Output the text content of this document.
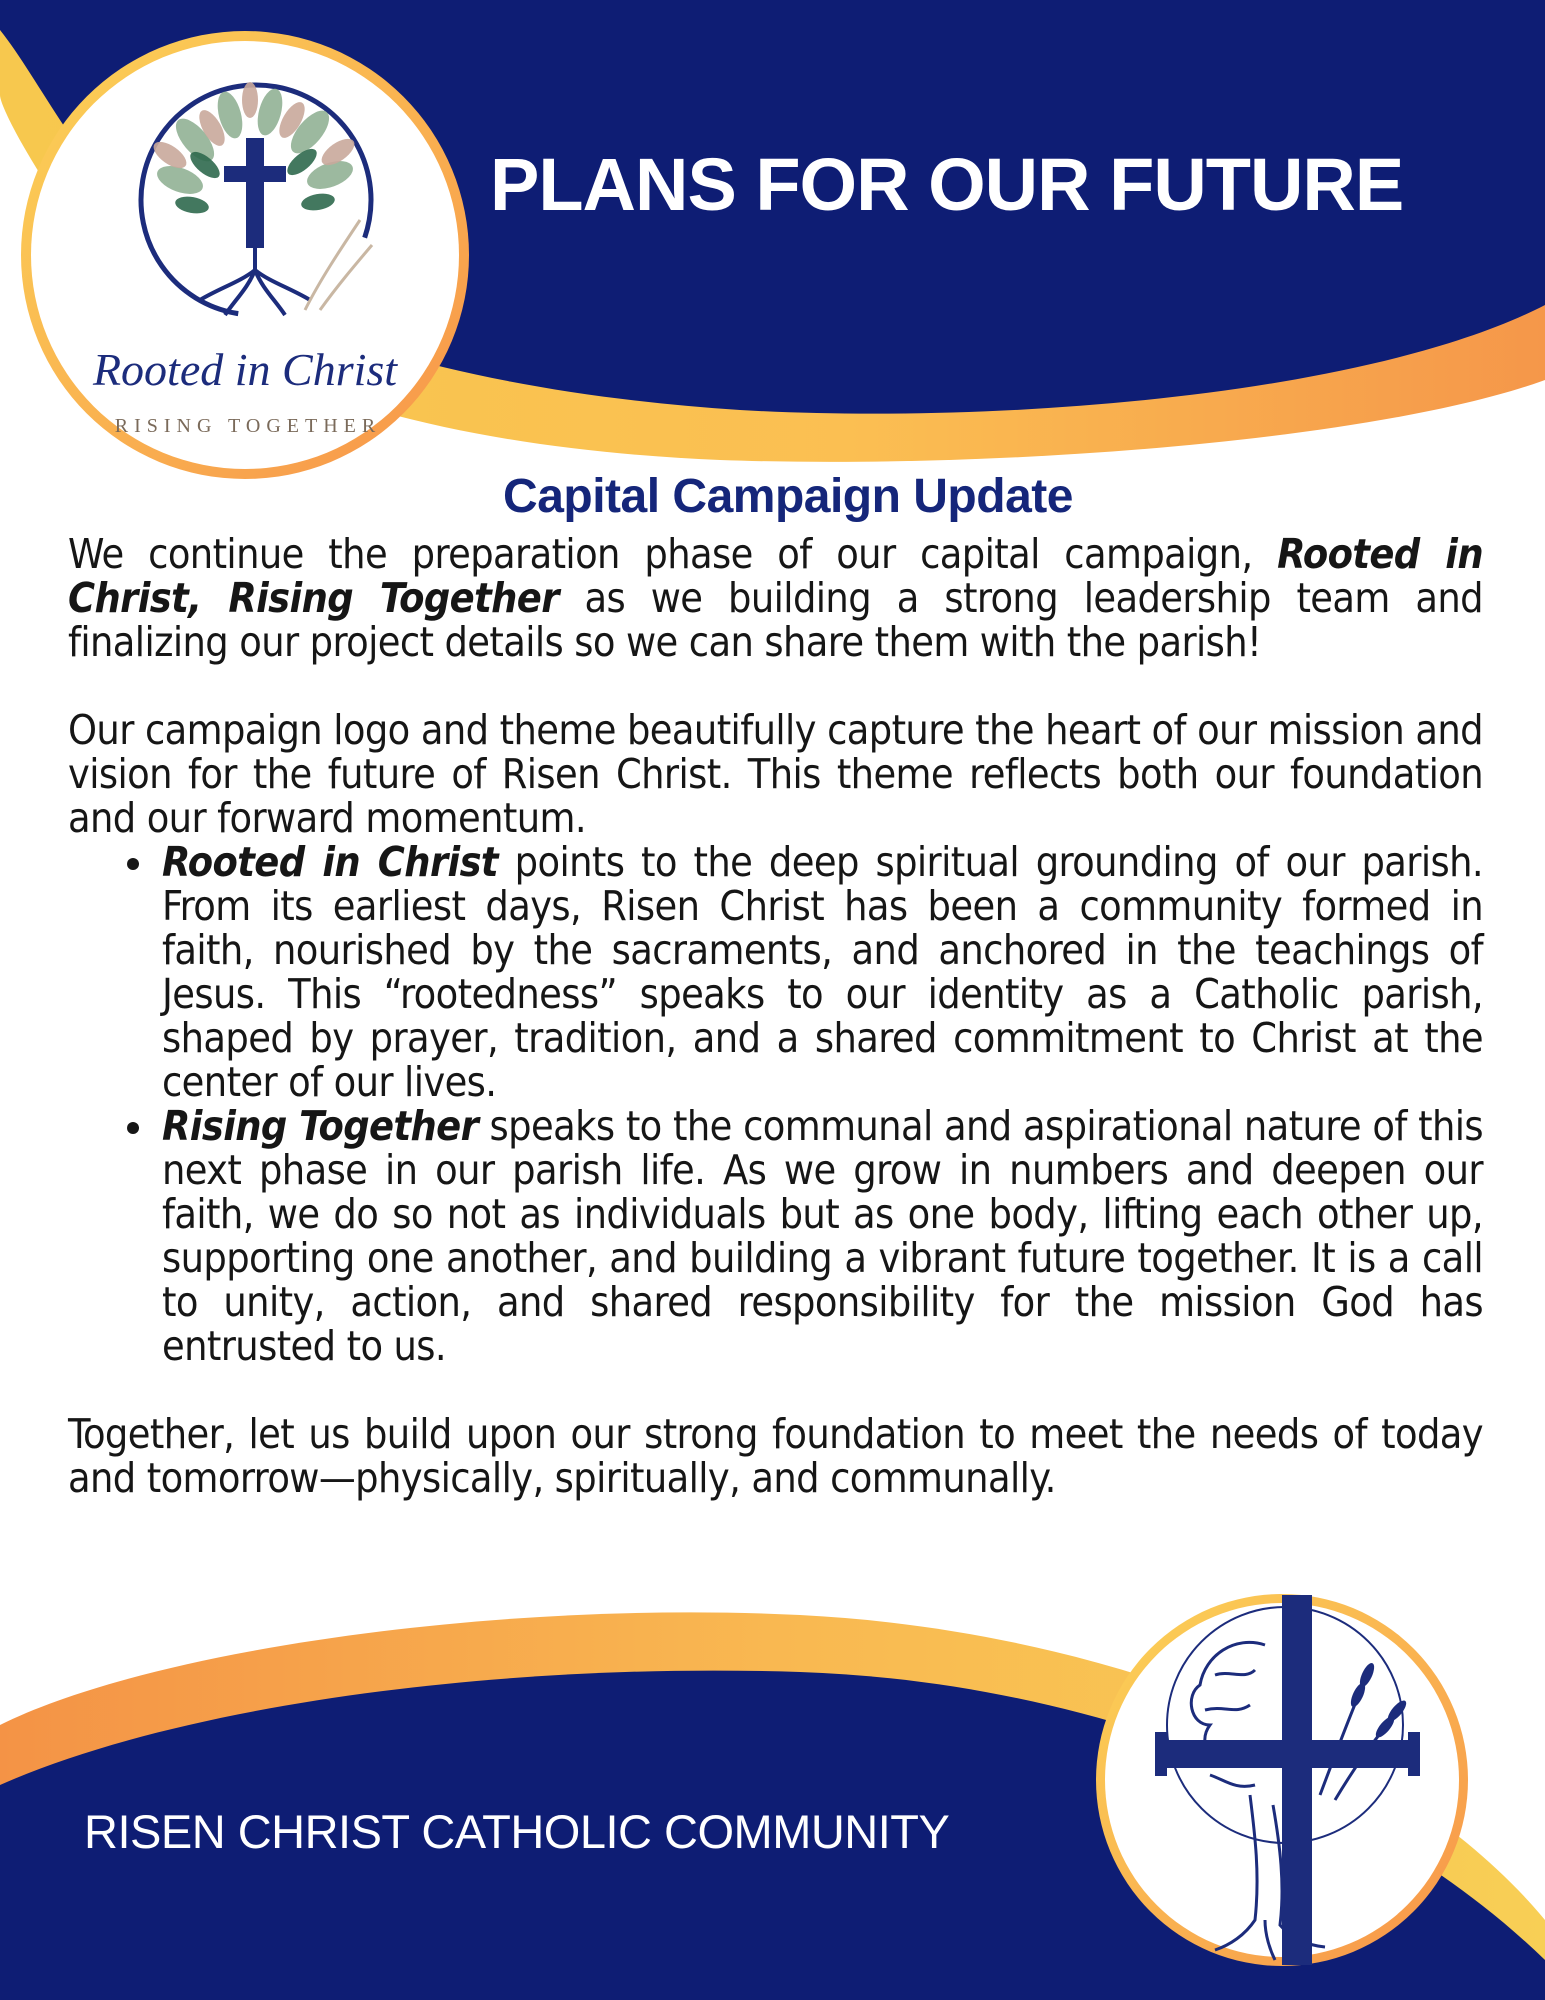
Rooted in Christ
RISING TOGETHER
PLANS FOR OUR FUTURE
Capital Campaign Update

We continue the preparation phase of our capital campaign, Rooted in Christ, Rising Together as we building a strong leadership team and finalizing our project details so we can share them with the parish!

Our campaign logo and theme beautifully capture the heart of our mission and vision for the future of Risen Christ. This theme reflects both our foundation and our forward momentum.

• Rooted in Christ points to the deep spiritual grounding of our parish. From its earliest days, Risen Christ has been a community formed in faith, nourished by the sacraments, and anchored in the teachings of Jesus. This “rootedness” speaks to our identity as a Catholic parish, shaped by prayer, tradition, and a shared commitment to Christ at the center of our lives.
• Rising Together speaks to the communal and aspirational nature of this next phase in our parish life. As we grow in numbers and deepen our faith, we do so not as individuals but as one body, lifting each other up, supporting one another, and building a vibrant future together. It is a call to unity, action, and shared responsibility for the mission God has entrusted to us.

Together, let us build upon our strong foundation to meet the needs of today and tomorrow—physically, spiritually, and communally.

RISEN CHRIST CATHOLIC COMMUNITY
